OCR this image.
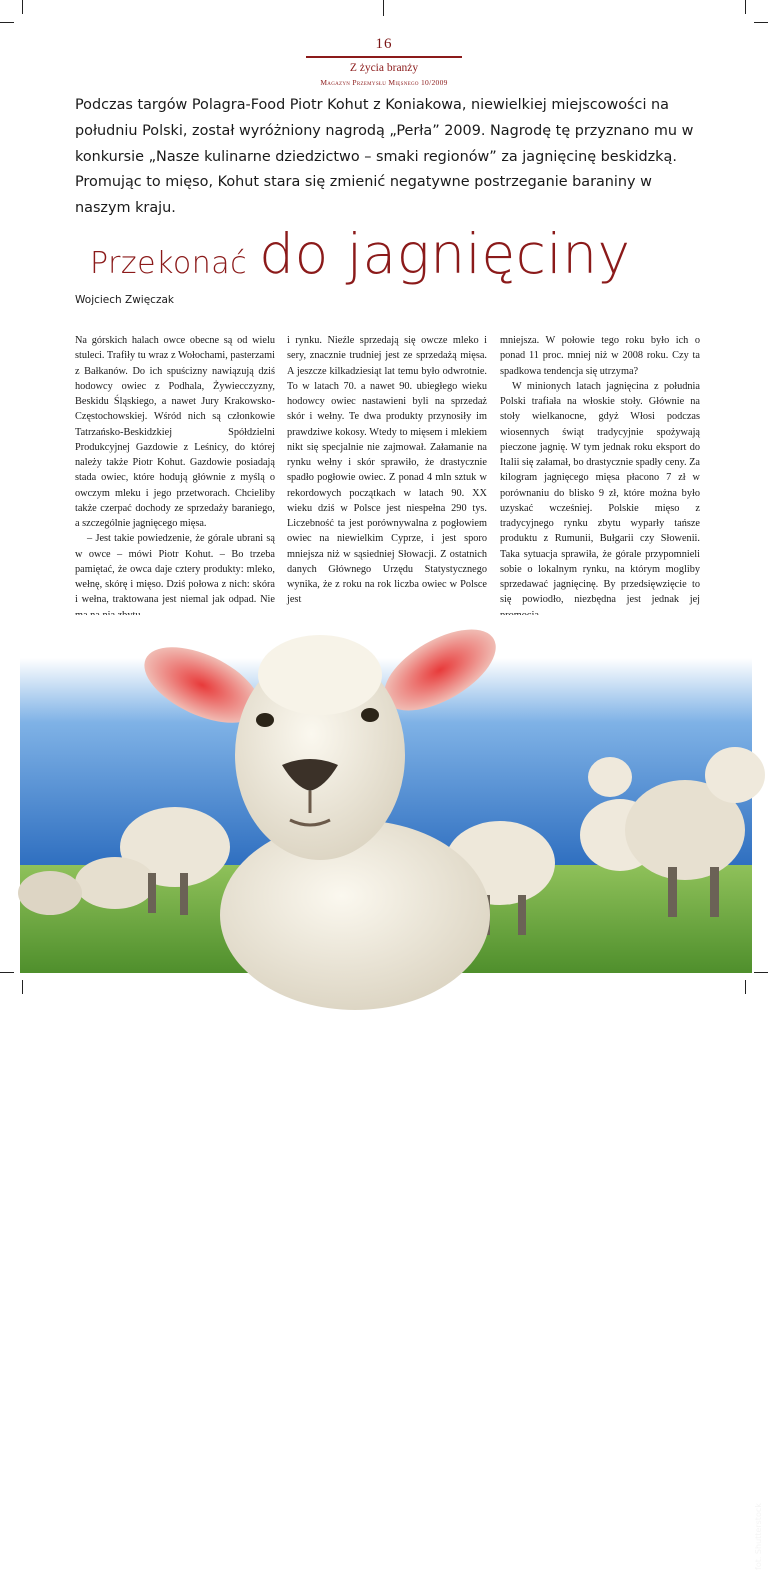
16
Z życia branży
Magazyn Przemysłu Mięsnego 10/2009
Podczas targów Polagra-Food Piotr Kohut z Koniakowa, niewielkiej miejscowości na południu Polski, został wyróżniony nagrodą „Perła” 2009. Nagrodę tę przyznano mu w konkursie „Nasze kulinarne dziedzictwo – smaki regionów” za jagnięcinę beskidzką. Promując to mięso, Kohut stara się zmienić negatywne postrzeganie baraniny w naszym kraju.
Przekonać do jagnięciny
Wojciech Zwięczak

Na górskich halach owce obecne są od wielu stuleci. Trafiły tu wraz z Wołochami, pasterzami z Bałkanów. Do ich spuścizny nawiązują dziś hodowcy owiec z Podhala, Żywiecczyzny, Beskidu Śląskiego, a nawet Jury Krakowsko-Częstochowskiej. Wśród nich są członkowie Tatrzańsko-Beskidzkiej Spółdzielni Produkcyjnej Gazdowie z Leśnicy, do której należy także Piotr Kohut. Gazdowie posiadają stada owiec, które hodują głównie z myślą o owczym mleku i jego przetworach. Chcieliby także czerpać dochody ze sprzedaży baraniego, a szczególnie jagnięcego mięsa.

– Jest takie powiedzenie, że górale ubrani są w owce – mówi Piotr Kohut. – Bo trzeba pamiętać, że owca daje cztery produkty: mleko, wełnę, skórę i mięso. Dziś połowa z nich: skóra i wełna, traktowana jest niemal jak odpad. Nie

i rynku. Nieźle sprzedają się owcze mleko i sery, znacznie trudniej jest ze sprzedażą mięsa. A jeszcze kilkadziesiąt lat temu było odwrotnie. To w latach 70. a nawet 90. ubiegłego wieku hodowcy owiec nastawieni byli na sprzedaż skór i wełny. Te dwa produkty przynosiły im prawdziwe kokosy. Wtedy to mięsem i mlekiem nikt się specjalnie nie zajmował. Załamanie na rynku wełny i skór sprawiło, że drastycznie spadło pogłowie owiec. Z ponad 4 mln sztuk w rekordowych początkach w latach 90. XX wieku dziś w Polsce jest niespełna 290 tys. Liczebność ta jest porównywalna z pogłowiem owiec na niewielkim Cyprze, i jest sporo mniejsza niż w sąsiedniej Słowacji. Z ostatnich danych Głównego Urzędu Statystycznego wynika, że z roku na rok liczba owiec w Polsce jest

mniejsza. W połowie tego roku było ich o ponad 11 proc. mniej niż w 2008 roku. Czy ta spadkowa tendencja się utrzyma?

W minionych latach jagnięcina z południa Polski trafiała na włoskie stoły. Głównie na stoły wielkanocne, gdyż Włosi podczas wiosennych świąt tradycyjnie spożywają pieczone jagnię. W tym jednak roku eksport do Italii się załamał, bo drastycznie spadły ceny. Za kilogram jagnięcego mięsa płacono 7 zł w porównaniu do blisko 9 zł, które można było uzyskać wcześniej. Polskie mięso z tradycyjnego rynku zbytu wyparły tańsze produktu z Rumunii, Bułgarii czy Słowenii. Taka sytuacja sprawiła, że górale przypomnieli sobie o lokalnym rynku, na którym mogliby sprzedawać jagnięcinę. By przedsięwzięcie to się powiodło, niezbędna jest jednak jej

fot. Shutterstock
